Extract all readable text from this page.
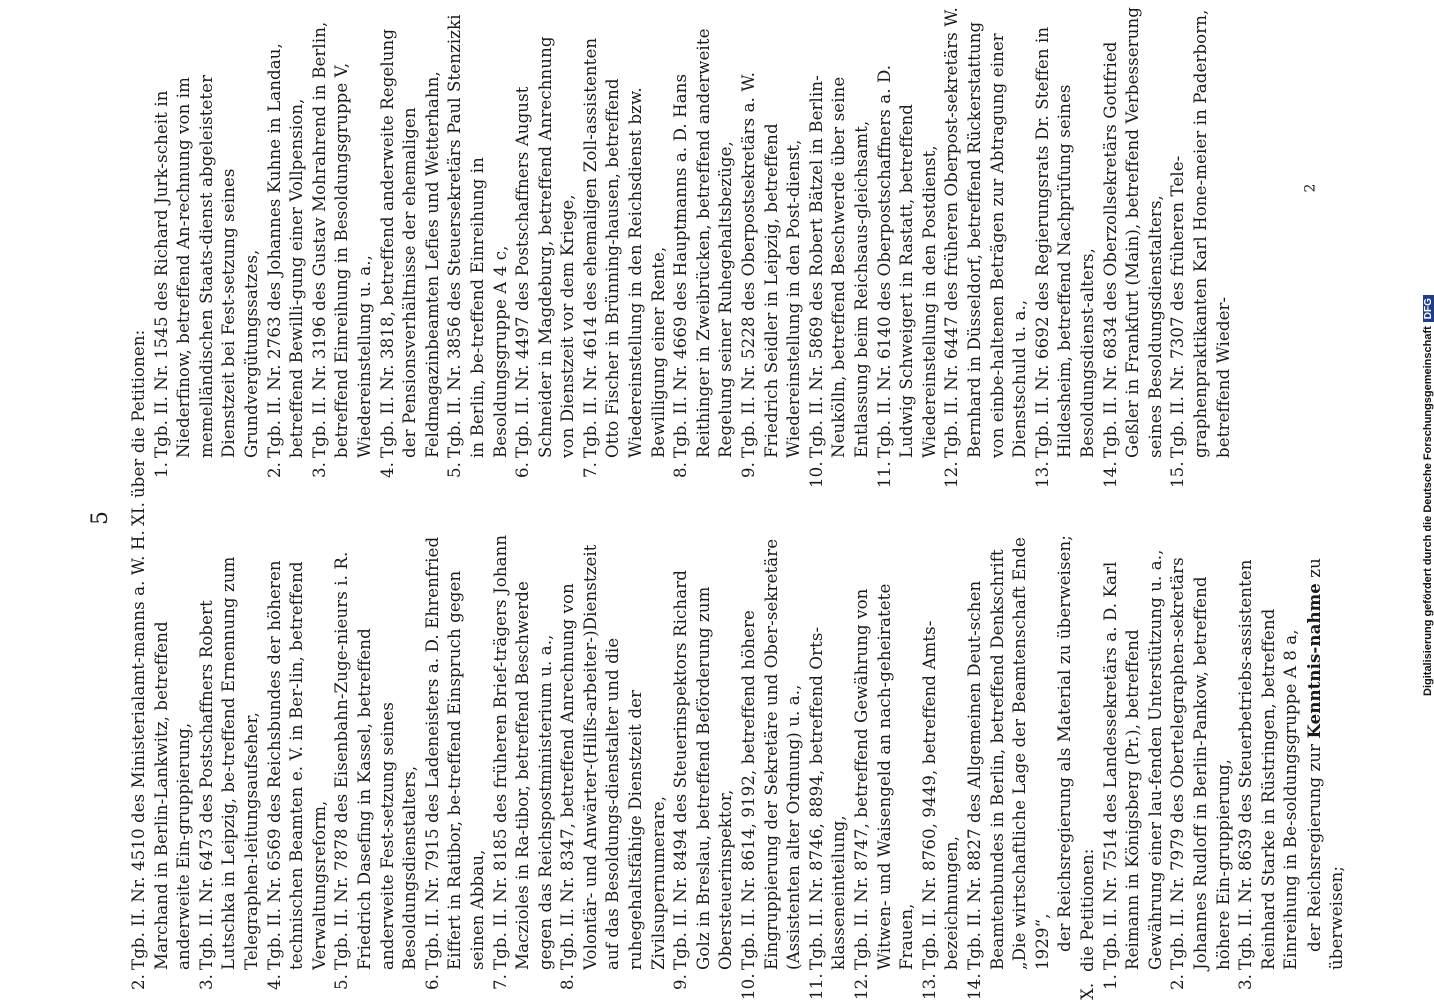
5

2.
Tgb. II. Nr. 4510 des Ministerialamt-manns a. W. H. Marchand in Berlin-Lankwitz, betreffend anderweite Ein-gruppierung,

3.
Tgb. II. Nr. 6473 des Postschaffners Robert Lutschka in Leipzig, be-treffend Ernennung zum Telegraphen-leitungsaufseher,

4.
Tgb. II. Nr. 6569 des Reichsbundes der höheren technischen Beamten e. V. in Ber-lin, betreffend Verwaltungsreform,

5.
Tgb. II. Nr. 7878 des Eisenbahn-Zuge-nieurs i. R. Friedrich Dasefing in Kassel, betreffend anderweite Fest-setzung seines Besoldungsdienstalters,

6.
Tgb. II. Nr. 7915 des Ladeneisters a. D. Ehrenfried Eiffert in Ratibor, be-treffend Einspruch gegen seinen Abbau,

7.
Tgb. II. Nr. 8185 des früheren Brief-trägers Johann Maczioles in Ra-tibor, betreffend Beschwerde gegen das Reichspostministerium u. a.,

8.
Tgb. II. Nr. 8347, betreffend Anrechnung von Volontär- und Anwärter-(Hilfs-arbeiter-)Dienstzeit auf das Besoldungs-dienstalter und die ruhegehaltsfähige Dienstzeit der Zivilsupernumerare,

9.
Tgb. II. Nr. 8494 des Steuerinspektors Richard Golz in Breslau, betreffend Beförderung zum Obersteuerinspektor,

10.
Tgb. II. Nr. 8614, 9192, betreffend höhere Eingruppierung der Sekretäre und Ober-sekretäre (Assistenten alter Ordnung) u. a.,

11.
Tgb. II. Nr. 8746, 8894, betreffend Orts-klasseneinteilung,

12.
Tgb. II. Nr. 8747, betreffend Gewährung von Witwen- und Waisengeld an nach-geheiratete Frauen,

13.
Tgb. II. Nr. 8760, 9449, betreffend Amts-bezeichnungen,

14.
Tgb. II. Nr. 8827 des Allgemeinen Deut-schen Beamtenbundes in Berlin, betreffend Denkschrift „Die wirtschaftliche Lage der Beamtenschaft Ende 1929“, der Reichsregierung als Material zu überweisen;

X.die Petitionen:

1.
Tgb. II. Nr. 7514 des Landessekretärs a. D. Karl Reimann in Königsberg (Pr.), betreffend Gewährung einer lau-fenden Unterstützung u. a.,

2.
Tgb. II. Nr. 7979 des Obertelegraphen-sekretärs Johannes Rudloff in Berlin-Pankow, betreffend höhere Ein-gruppierung,

3.
Tgb. II. Nr. 8639 des Steuerbetriebs-assistenten Reinhard Starke in Rüstringen, betreffend Einreihung in Be-soldungsgruppe A 8 a, der Reichsregierung zur Kenntnis-nahme zu überweisen;

XI.über die Petitionen: 1.
Tgb. II. Nr. 1545 des Richard Jurk-scheit in Niederfinow, betreffend An-rechnung von im memelländischen Staats-dienst abgeleisteter Dienstzeit bei Fest-setzung seines Grundvergütungssatzes,

2.
Tgb. II. Nr. 2763 des Johannes Kuhne in Landau, betreffend Bewilli-gung einer Vollpension,

3.
Tgb. II. Nr. 3196 des Gustav Mohrahrend in Berlin, betreffend Einreihung in Besoldungsgruppe V, Wiedereinstellung u. a.,

4.
Tgb. II. Nr. 3818, betreffend anderweite Regelung der Pensionsverhältnisse der ehemaligen Feldmagazinbeamten Lefies und Wetterhahn,

5.
Tgb. II. Nr. 3856 des Steuersekretärs Paul Stenzizki in Berlin, be-treffend Einreihung in Besoldungsgruppe A 4 c,

6.
Tgb. II. Nr. 4497 des Postschaffners August Schneider in Magdeburg, betreffend Anrechnung von Dienstzeit vor dem Kriege,

7.
Tgb. II. Nr. 4614 des ehemaligen Zoll-assistenten Otto Fischer in Brünning-hausen, betreffend Wiedereinstellung in den Reichsdienst bzw. Bewilligung einer Rente,

8.
Tgb. II. Nr. 4669 des Hauptmanns a. D. Hans Reithinger in Zweibrücken, betreffend anderweite Regelung seiner Ruhegehaltsbezüge,

9.
Tgb. II. Nr. 5228 des Oberpostsekretärs a. W. Friedrich Seidler in Leipzig, betreffend Wiedereinstellung in den Post-dienst,

10.
Tgb. II. Nr. 5869 des Robert Bätzel in Berlin-Neukölln, betreffend Beschwerde über seine Entlassung beim Reichsaus-gleichsamt,

11.
Tgb. II. Nr. 6140 des Oberpostschaffners a. D. Ludwig Schweigert in Rastatt, betreffend Wiedereinstellung in den Postdienst,

12.
Tgb. II. Nr. 6447 des früheren Oberpost-sekretärs W. Bernhard in Düsseldorf, betreffend Rückerstattung von einbe-haltenen Beträgen zur Abtragung einer Dienstschuld u. a.,

13.
Tgb. II. Nr. 6692 des Regierungsrats Dr. Steffen in Hildesheim, betreffend Nachprüfung seines Besoldungsdienst-alters,

14.
Tgb. II. Nr. 6834 des Oberzollsekretärs Gottfried Geßler in Frankfurt (Main), betreffend Verbesserung seines Besoldungsdienstalters,

15.
Tgb. II. Nr. 7307 des früheren Tele-graphenpraktikanten Karl Hone-meier in Paderborn, betreffend Wieder-

2
Digitalisierung gefördert durch die Deutsche ForschungsgemeinschaftDFG
